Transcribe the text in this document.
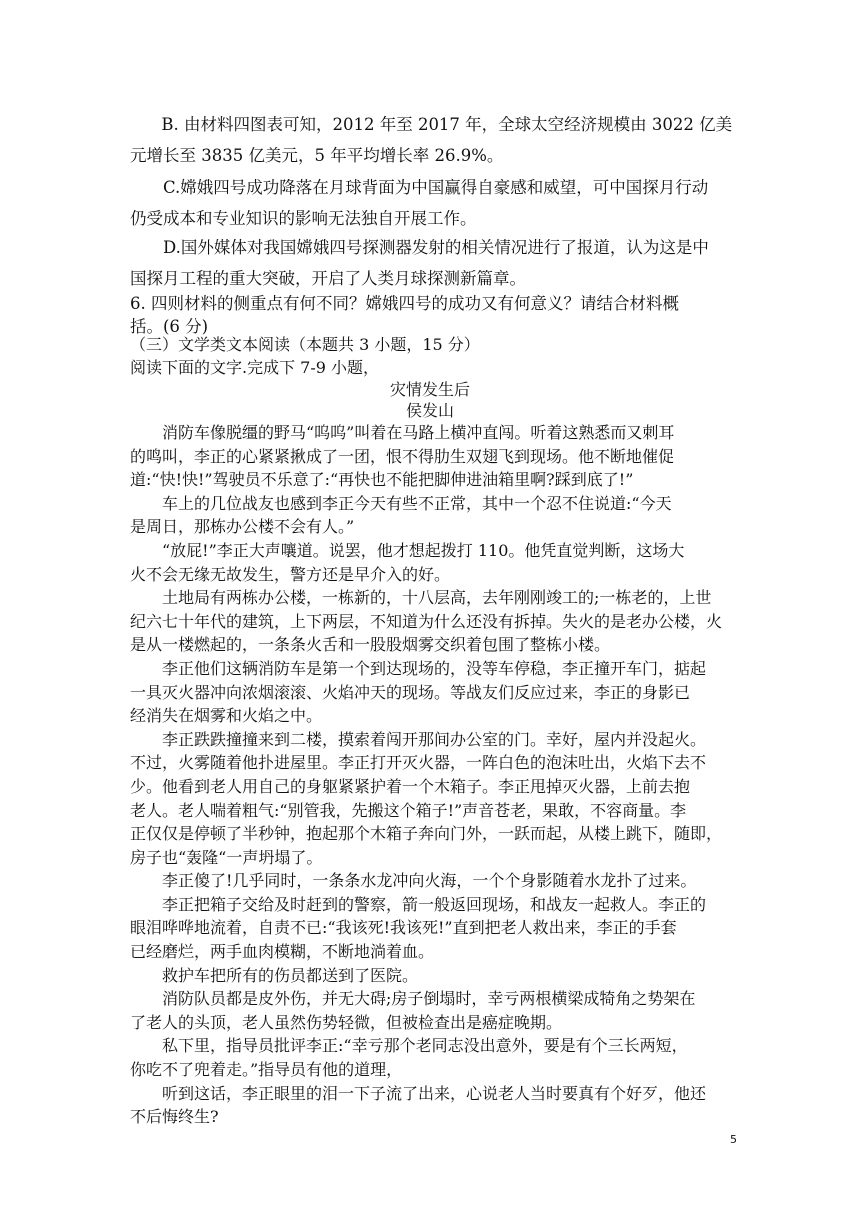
B. 由材料四图表可知，2012 年至 2017 年，全球太空经济规模由 3022 亿美
元增长至 3835 亿美元，5 年平均增长率 26.9%。
C.嫦娥四号成功降落在月球背面为中国赢得自豪感和威望，可中国探月行动
仍受成本和专业知识的影响无法独自开展工作。
D.国外媒体对我国嫦娥四号探测器发射的相关情况进行了报道，认为这是中
国探月工程的重大突破，开启了人类月球探测新篇章。
6. 四则材料的侧重点有何不同？嫦娥四号的成功又有何意义？请结合材料概
括。(6 分)
（三）文学类文本阅读（本题共 3 小题，15 分）
阅读下面的文字.完成下 7-9 小题，
灾情发生后
侯发山
消防车像脱缰的野马“呜呜”叫着在马路上横冲直闯。听着这熟悉而又刺耳
的鸣叫，李正的心紧紧揪成了一团，恨不得肋生双翅飞到现场。他不断地催促
道:“快!快!”驾驶员不乐意了:“再快也不能把脚伸进油箱里啊?踩到底了!”
车上的几位战友也感到李正今天有些不正常，其中一个忍不住说道:“今天
是周日，那栋办公楼不会有人。”
“放屁!”李正大声嚷道。说罢，他才想起拨打 110。他凭直觉判断，这场大
火不会无缘无故发生，警方还是早介入的好。
土地局有两栋办公楼，一栋新的，十八层高，去年刚刚竣工的;一栋老的，上世
纪六七十年代的建筑，上下两层，不知道为什么还没有拆掉。失火的是老办公楼，火
是从一楼燃起的，一条条火舌和一股股烟雾交织着包围了整栋小楼。
李正他们这辆消防车是第一个到达现场的，没等车停稳，李正撞开车门，掂起
一具灭火器冲向浓烟滚滚、火焰冲天的现场。等战友们反应过来，李正的身影已
经消失在烟雾和火焰之中。
李正跌跌撞撞来到二楼，摸索着闯开那间办公室的门。幸好，屋内并没起火。
不过，火雾随着他扑进屋里。李正打开灭火器，一阵白色的泡沫吐出，火焰下去不
少。他看到老人用自己的身躯紧紧护着一个木箱子。李正甩掉灭火器，上前去抱
老人。老人喘着粗气:“别管我，先搬这个箱子!”声音苍老，果敢，不容商量。李
正仅仅是停顿了半秒钟，抱起那个木箱子奔向门外，一跃而起，从楼上跳下，随即，
房子也“轰隆“一声坍塌了。
李正傻了!几乎同时，一条条水龙冲向火海，一个个身影随着水龙扑了过来。
李正把箱子交给及时赶到的警察，箭一般返回现场，和战友一起救人。李正的
眼泪哗哗地流着，自责不已:“我该死!我该死!”直到把老人救出来，李正的手套
已经磨烂，两手血肉模糊，不断地淌着血。
救护车把所有的伤员都送到了医院。
消防队员都是皮外伤，并无大碍;房子倒塌时，幸亏两根横梁成犄角之势架在
了老人的头顶，老人虽然伤势轻微，但被检查出是癌症晚期。
私下里，指导员批评李正:“幸亏那个老同志没出意外，要是有个三长两短，
你吃不了兜着走。”指导员有他的道理，
听到这话，李正眼里的泪一下子流了出来，心说老人当时要真有个好歹，他还
不后悔终生?
5
